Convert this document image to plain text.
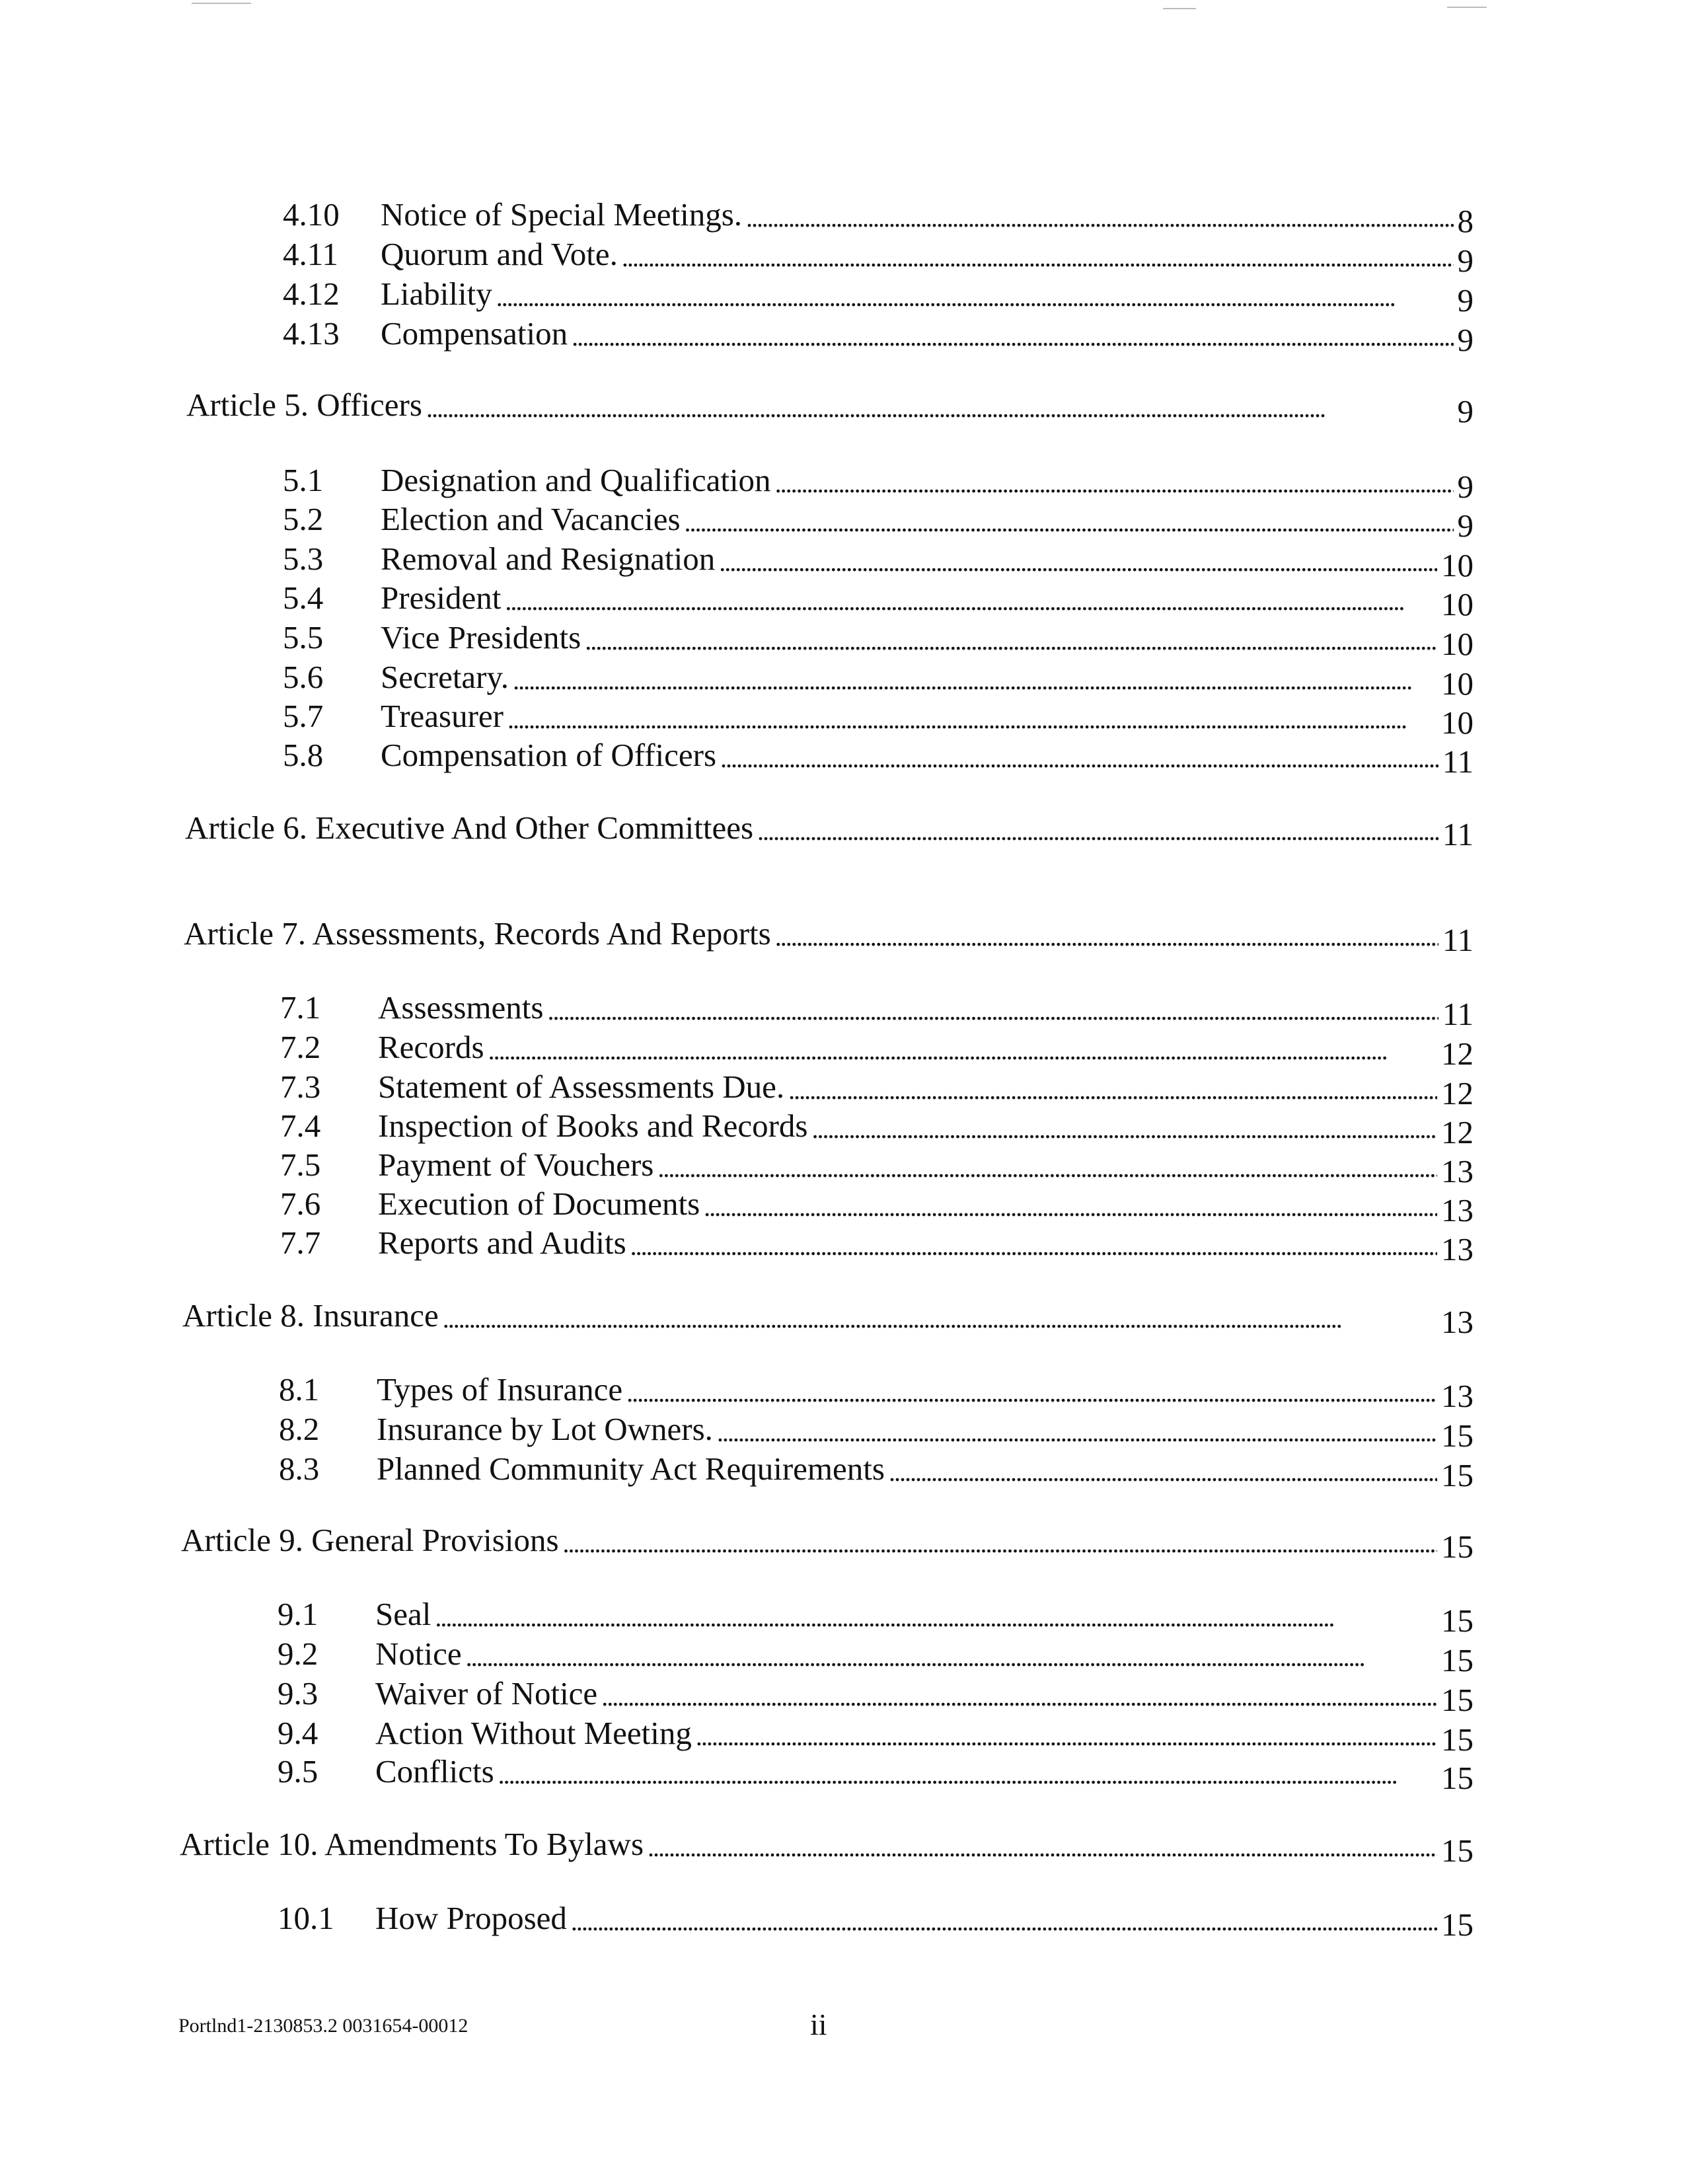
4.10	Notice of Special Meetings. . . .	8
4.11	Quorum and Vote. . . .	9
4.12	Liability . . .	9
4.13	Compensation . . .	9
Article 5. Officers . . .	9
5.1	Designation and Qualification . . .	9
5.2	Election and Vacancies . . .	9
5.3	Removal and Resignation . . .	10
5.4	President . . .	10
5.5	Vice Presidents . . .	10
5.6	Secretary. . . .	10
5.7	Treasurer . . .	10
5.8	Compensation of Officers . . .	11
Article 6. Executive And Other Committees . . .	11
Article 7. Assessments, Records And Reports . . .	11
7.1	Assessments . . .	11
7.2	Records . . .	12
7.3	Statement of Assessments Due. . . .	12
7.4	Inspection of Books and Records . . .	12
7.5	Payment of Vouchers . . .	13
7.6	Execution of Documents . . .	13
7.7	Reports and Audits . . .	13
Article 8. Insurance . . .	13
8.1	Types of Insurance . . .	13
8.2	Insurance by Lot Owners. . . .	15
8.3	Planned Community Act Requirements . . .	15
Article 9. General Provisions . . .	15
9.1	Seal . . .	15
9.2	Notice . . .	15
9.3	Waiver of Notice . . .	15
9.4	Action Without Meeting . . .	15
9.5	Conflicts . . .	15
Article 10. Amendments To Bylaws . . .	15
10.1	How Proposed . . .	15
Portlnd1-2130853.2 0031654-00012	ii
